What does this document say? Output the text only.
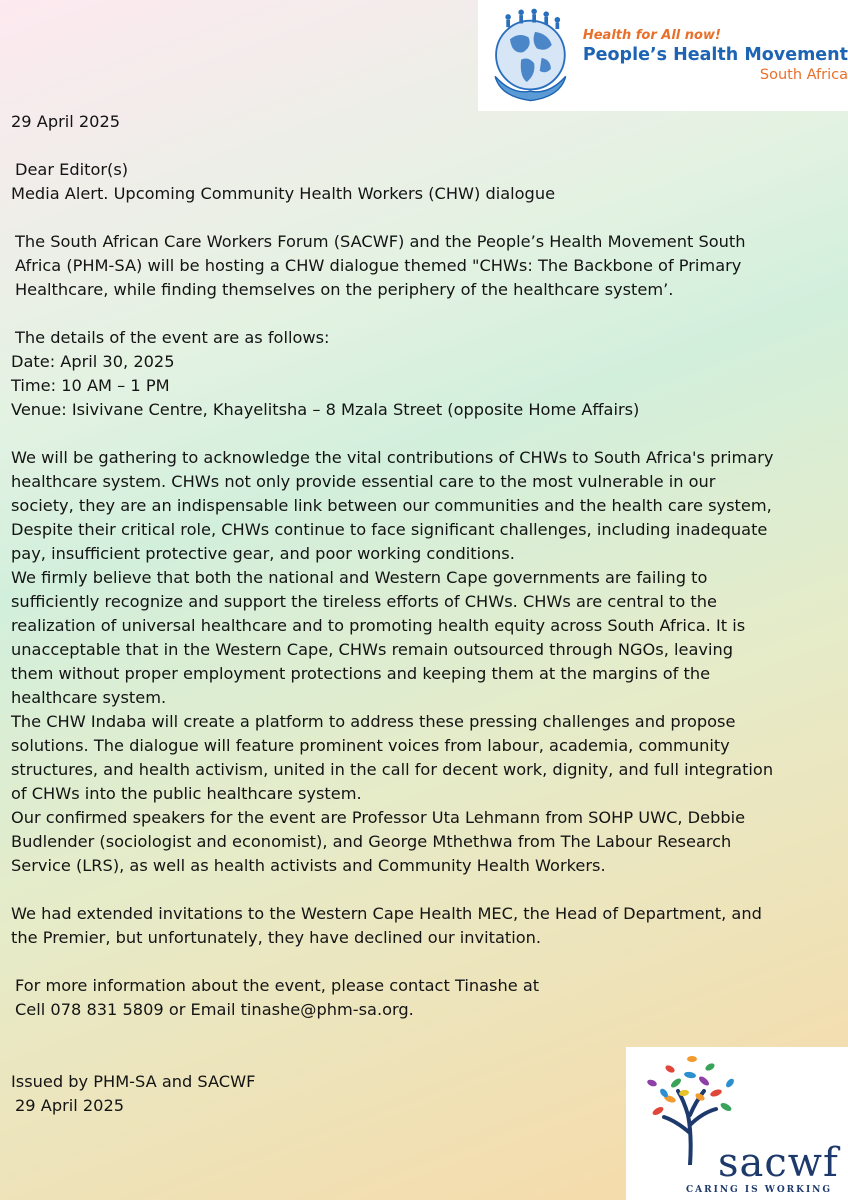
Health for All now!
People’s Health Movement
South Africa

29 April 2025

Dear Editor(s)

Media Alert. Upcoming Community Health Workers (CHW) dialogue

The South African Care Workers Forum (SACWF) and the People’s Health Movement South
Africa (PHM-SA) will be hosting a CHW dialogue themed "CHWs: The Backbone of Primary
Healthcare, while finding themselves on the periphery of the healthcare system’.

The details of the event are as follows:

Date: April 30, 2025

Time: 10 AM – 1 PM

Venue: Isivivane Centre, Khayelitsha – 8 Mzala Street (opposite Home Affairs)

We will be gathering to acknowledge the vital contributions of CHWs to South Africa's primary
healthcare system. CHWs not only provide essential care to the most vulnerable in our
society, they are an indispensable link between our communities and the health care system,
Despite their critical role, CHWs continue to face significant challenges, including inadequate
pay, insufficient protective gear, and poor working conditions.

We firmly believe that both the national and Western Cape governments are failing to
sufficiently recognize and support the tireless efforts of CHWs. CHWs are central to the
realization of universal healthcare and to promoting health equity across South Africa. It is
unacceptable that in the Western Cape, CHWs remain outsourced through NGOs, leaving
them without proper employment protections and keeping them at the margins of the
healthcare system.

The CHW Indaba will create a platform to address these pressing challenges and propose
solutions. The dialogue will feature prominent voices from labour, academia, community
structures, and health activism, united in the call for decent work, dignity, and full integration
of CHWs into the public healthcare system.

Our confirmed speakers for the event are Professor Uta Lehmann from SOHP UWC, Debbie
Budlender (sociologist and economist), and George Mthethwa from The Labour Research
Service (LRS), as well as health activists and Community Health Workers.

We had extended invitations to the Western Cape Health MEC, the Head of Department, and
the Premier, but unfortunately, they have declined our invitation.

For more information about the event, please contact Tinashe at
Cell 078 831 5809 or Email tinashe@phm-sa.org.

Issued by PHM-SA and SACWF

29 April 2025

sacwf
CARING IS WORKING
